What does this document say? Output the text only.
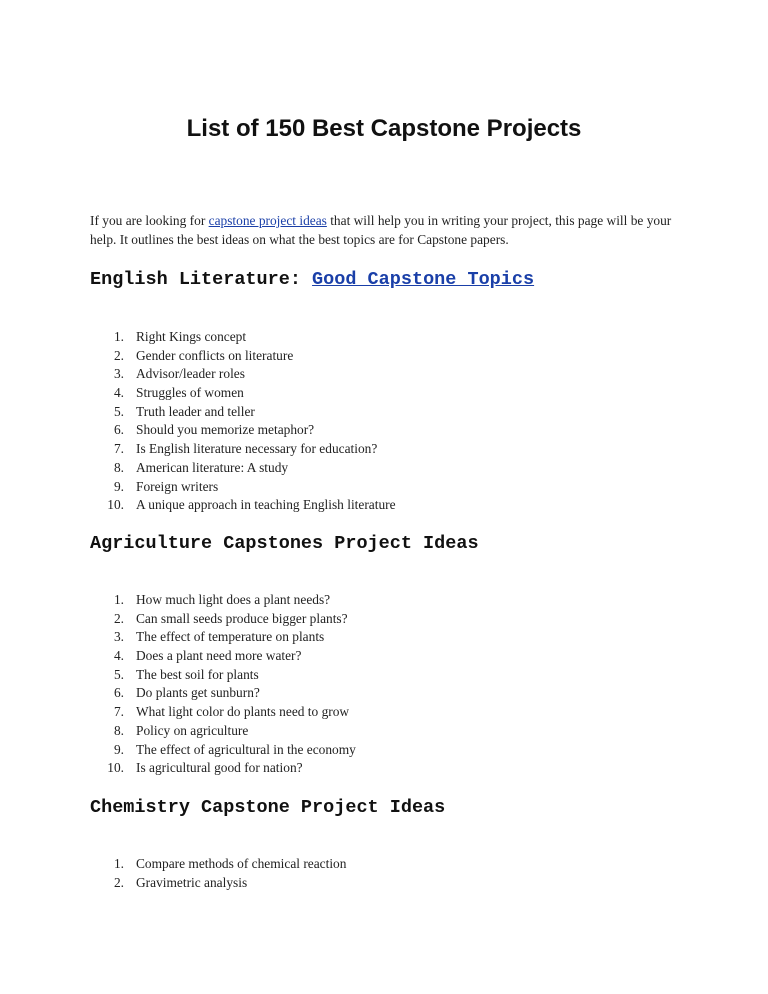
List of 150 Best Capstone Projects

If you are looking for capstone project ideas that will help you in writing your project, this page will be your help. It outlines the best ideas on what the best topics are for Capstone papers.

English Literature: Good Capstone Topics
1. Right Kings concept
2. Gender conflicts on literature
3. Advisor/leader roles
4. Struggles of women
5. Truth leader and teller
6. Should you memorize metaphor?
7. Is English literature necessary for education?
8. American literature: A study
9. Foreign writers
10. A unique approach in teaching English literature
Agriculture Capstones Project Ideas
1. How much light does a plant needs?
2. Can small seeds produce bigger plants?
3. The effect of temperature on plants
4. Does a plant need more water?
5. The best soil for plants
6. Do plants get sunburn?
7. What light color do plants need to grow
8. Policy on agriculture
9. The effect of agricultural in the economy
10. Is agricultural good for nation?
Chemistry Capstone Project Ideas
1. Compare methods of chemical reaction
2. Gravimetric analysis
